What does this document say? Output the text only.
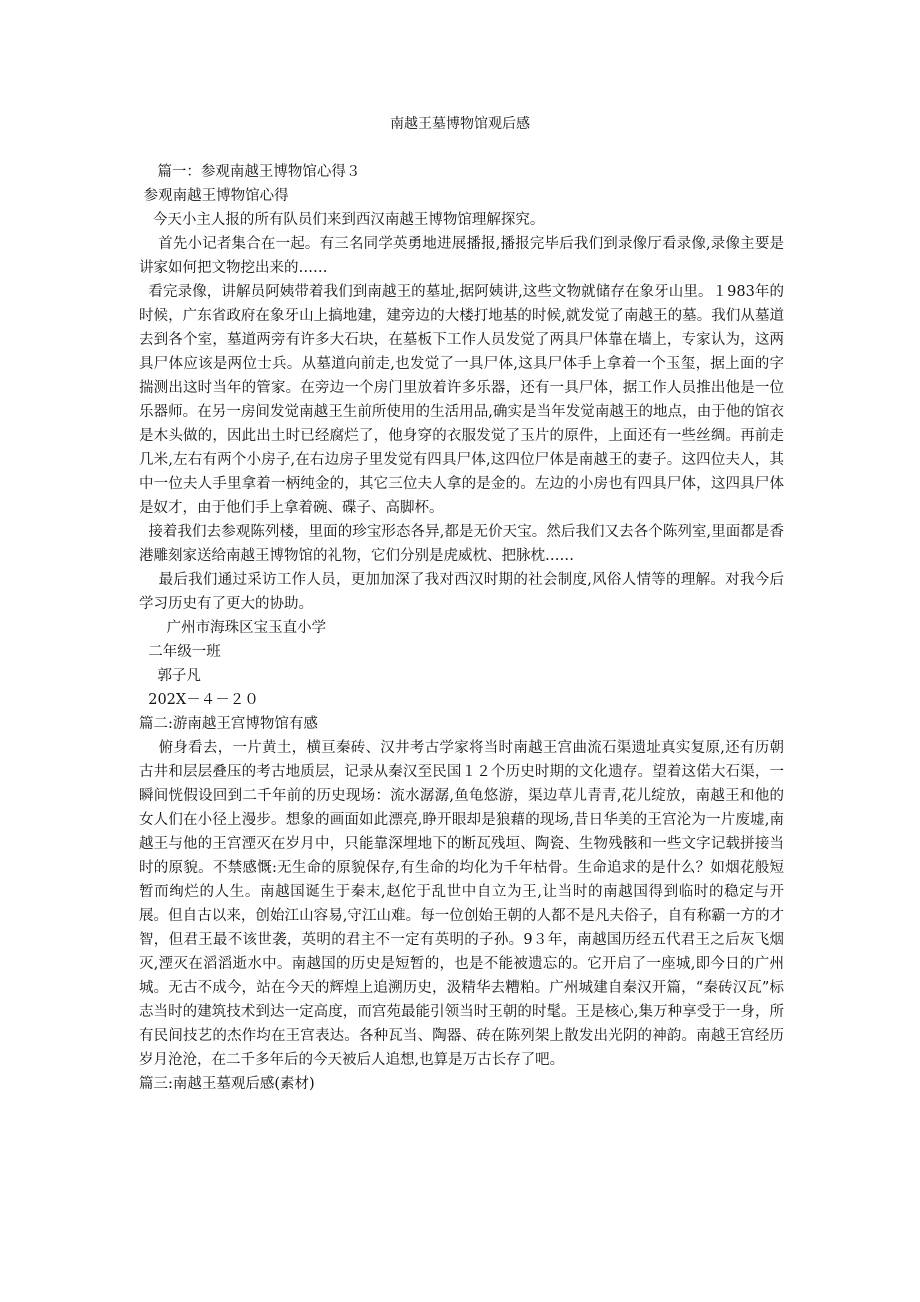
南越王墓博物馆观后感

篇一：参观南越王博物馆心得３

参观南越王博物馆心得

今天小主人报的所有队员们来到西汉南越王博物馆理解探究。

首先小记者集合在一起。有三名同学英勇地进展播报,播报完毕后我们到录像厅看录像,录像主要是讲家如何把文物挖出来的……

看完录像，讲解员阿姨带着我们到南越王的墓址,据阿姨讲,这些文物就储存在象牙山里。１983年的时候，广东省政府在象牙山上搞地建，建旁边的大楼打地基的时候,就发觉了南越王的墓。我们从墓道去到各个室，墓道两旁有许多大石块，在墓板下工作人员发觉了两具尸体靠在墙上，专家认为，这两具尸体应该是两位士兵。从墓道向前走,也发觉了一具尸体,这具尸体手上拿着一个玉玺，据上面的字揣测出这时当年的管家。在旁边一个房门里放着许多乐器，还有一具尸体，据工作人员推出他是一位乐器师。在另一房间发觉南越王生前所使用的生活用品,确实是当年发觉南越王的地点，由于他的馆衣是木头做的，因此出土时已经腐烂了，他身穿的衣服发觉了玉片的原件，上面还有一些丝绸。再前走几米,左右有两个小房子,在右边房子里发觉有四具尸体,这四位尸体是南越王的妻子。这四位夫人，其中一位夫人手里拿着一柄纯金的，其它三位夫人拿的是金的。左边的小房也有四具尸体，这四具尸体是奴才，由于他们手上拿着碗、碟子、高脚杯。

接着我们去参观陈列楼，里面的珍宝形态各异,都是无价天宝。然后我们又去各个陈列室,里面都是香港雕刻家送给南越王博物馆的礼物，它们分别是虎威枕、把脉枕……

最后我们通过采访工作人员，更加加深了我对西汉时期的社会制度,风俗人情等的理解。对我今后学习历史有了更大的协助。

广州市海珠区宝玉直小学

二年级一班

郭子凡

202X－４－２０

篇二:游南越王宫博物馆有感

俯身看去，一片黄土，横亘秦砖、汉井考古学家将当时南越王宫曲流石渠遗址真实复原,还有历朝古井和层层叠压的考古地质层，记录从秦汉至民国１２个历史时期的文化遗存。望着这偌大石渠，一瞬间恍假设回到二千年前的历史现场：流水潺潺,鱼龟悠游，渠边草儿青青,花儿绽放，南越王和他的女人们在小径上漫步。想象的画面如此漂亮,睁开眼却是狼藉的现场,昔日华美的王宫沦为一片废墟,南越王与他的王宫湮灭在岁月中，只能靠深埋地下的断瓦残垣、陶瓷、生物残骸和一些文字记载拼接当时的原貌。不禁感慨:无生命的原貌保存,有生命的均化为千年枯骨。生命追求的是什么？如烟花般短暂而绚烂的人生。南越国诞生于秦末,赵佗于乱世中自立为王,让当时的南越国得到临时的稳定与开展。但自古以来，创始江山容易,守江山难。每一位创始王朝的人都不是凡夫俗子，自有称霸一方的才智，但君王最不该世袭，英明的君主不一定有英明的子孙。9３年，南越国历经五代君王之后灰飞烟灭,湮灭在滔滔逝水中。南越国的历史是短暂的，也是不能被遗忘的。它开启了一座城,即今日的广州城。无古不成今，站在今天的辉煌上追溯历史，汲精华去糟粕。广州城建自秦汉开篇，“秦砖汉瓦”标志当时的建筑技术到达一定高度，而宫苑最能引领当时王朝的时髦。王是核心,集万种享受于一身，所有民间技艺的杰作均在王宫表达。各种瓦当、陶器、砖在陈列架上散发出光阴的神韵。南越王宫经历岁月沧沧，在二千多年后的今天被后人追想,也算是万古长存了吧。

篇三:南越王墓观后感(素材)
